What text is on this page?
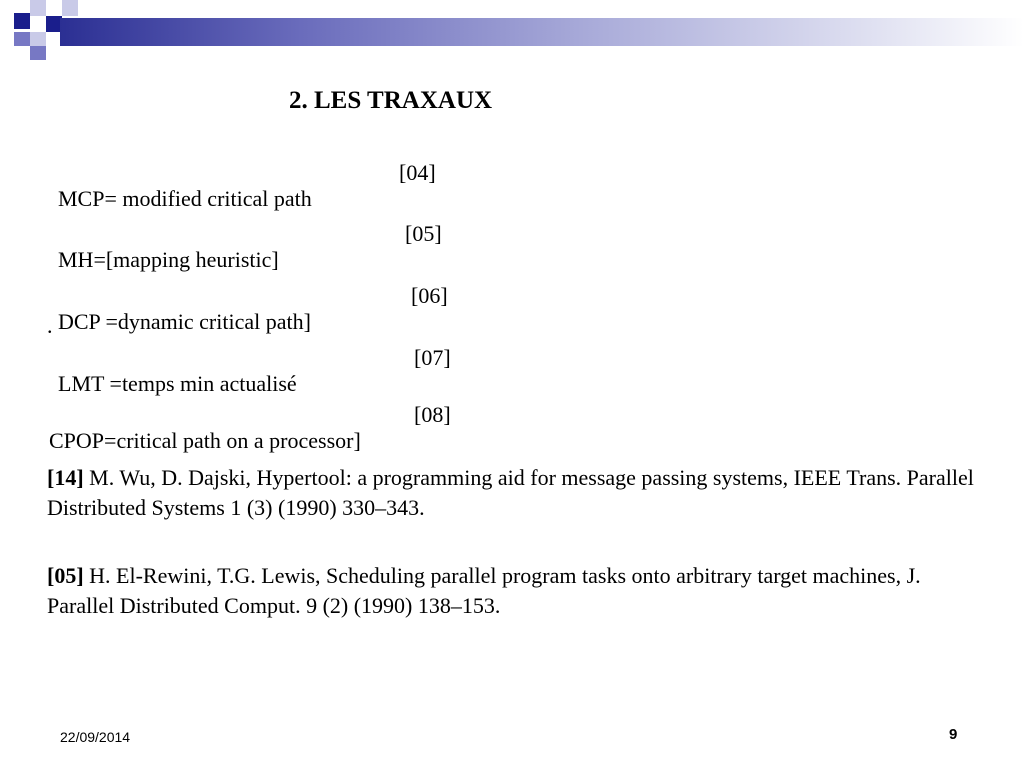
2. LES TRAXAUX

MCP= modified critical path

[04]

MH=[mapping heuristic]

[05]

DCP =dynamic critical path]

[06]

.

LMT =temps min actualisé

[07]

CPOP=critical path on a processor]

[08]

[14] M. Wu, D. Dajski, Hypertool: a programming aid for message passing systems, IEEE Trans. Parallel Distributed Systems 1 (3) (1990) 330–343.
[05] H. El-Rewini, T.G. Lewis, Scheduling parallel program tasks onto arbitrary target machines, J. Parallel Distributed Comput. 9 (2) (1990) 138–153.
22/09/2014	9
